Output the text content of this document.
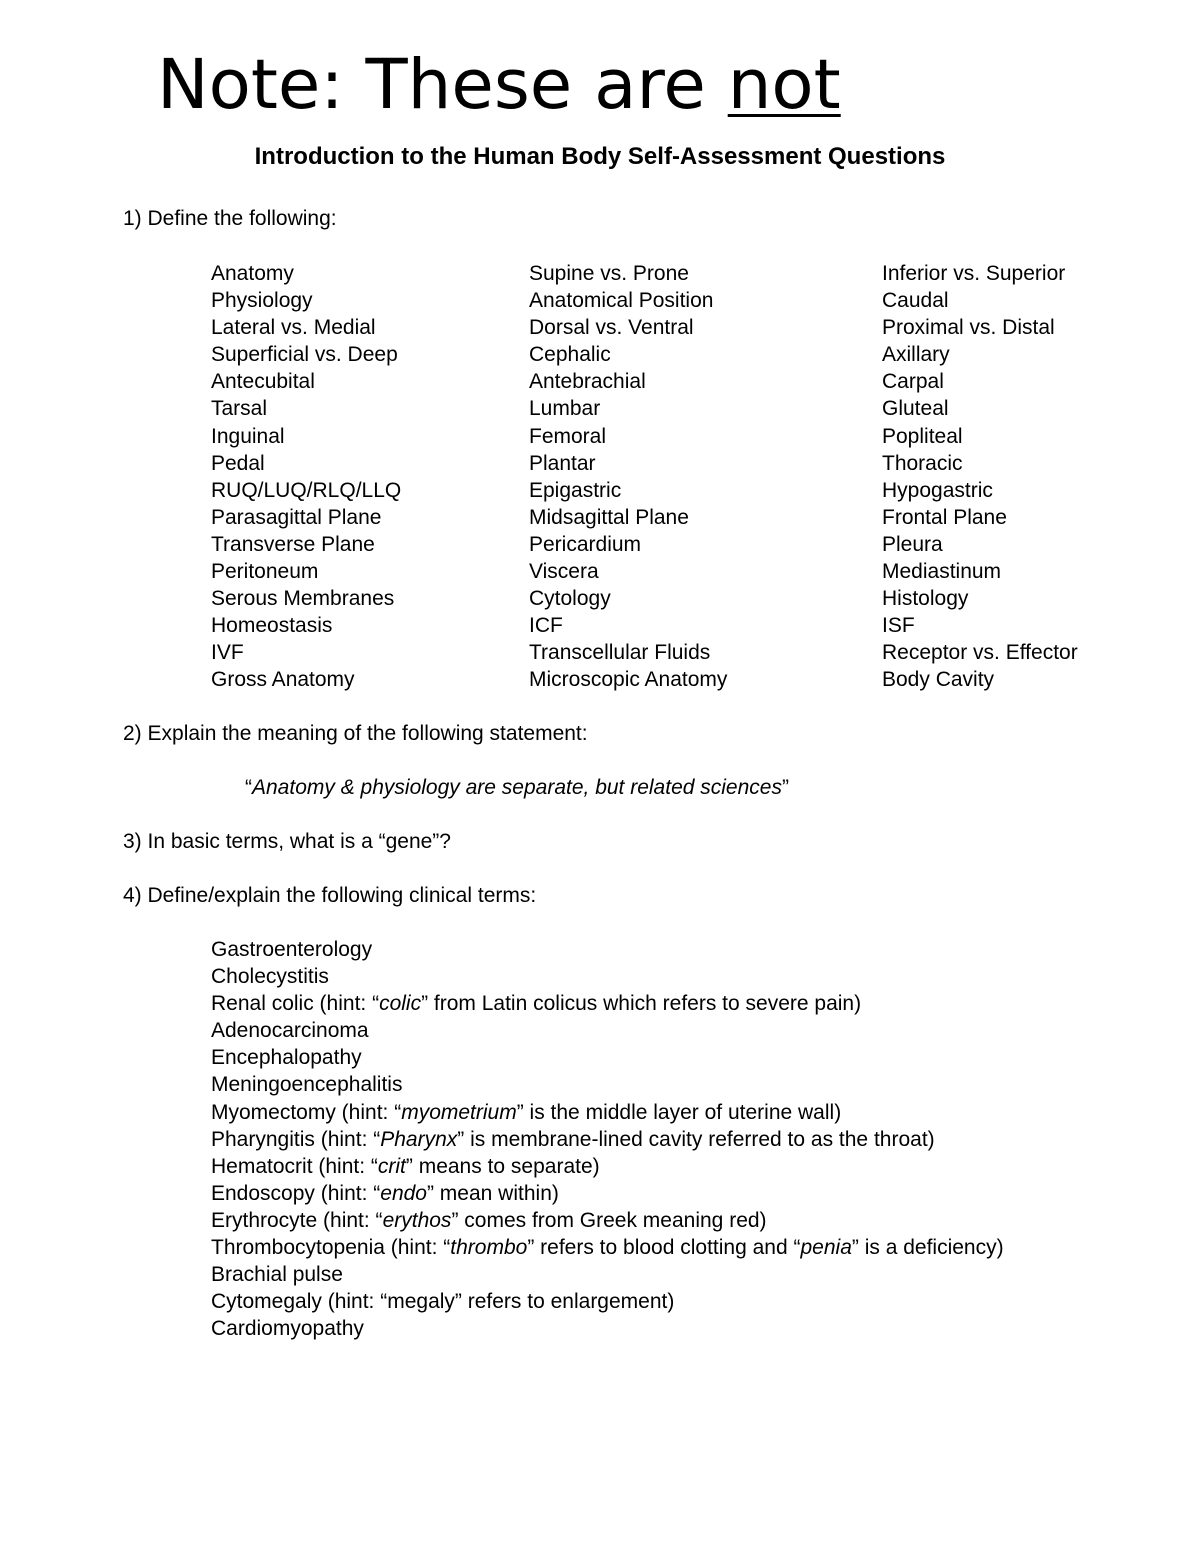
Note: These are not
Introduction to the Human Body Self-Assessment Questions
1) Define the following:
Anatomy
Physiology
Lateral vs. Medial
Superficial vs. Deep
Antecubital
Tarsal
Inguinal
Pedal
RUQ/LUQ/RLQ/LLQ
Parasagittal Plane
Transverse Plane
Peritoneum
Serous Membranes
Homeostasis
IVF
Gross Anatomy
Supine vs. Prone
Anatomical Position
Dorsal vs. Ventral
Cephalic
Antebrachial
Lumbar
Femoral
Plantar
Epigastric
Midsagittal Plane
Pericardium
Viscera
Cytology
ICF
Transcellular Fluids
Microscopic Anatomy
Inferior vs. Superior
Caudal
Proximal vs. Distal
Axillary
Carpal
Gluteal
Popliteal
Thoracic
Hypogastric
Frontal Plane
Pleura
Mediastinum
Histology
ISF
Receptor vs. Effector
Body Cavity
2) Explain the meaning of the following statement:
“Anatomy & physiology are separate, but related sciences”
3) In basic terms, what is a “gene”?
4) Define/explain the following clinical terms:
Gastroenterology
Cholecystitis
Renal colic (hint: “colic” from Latin colicus which refers to severe pain)
Adenocarcinoma
Encephalopathy
Meningoencephalitis
Myomectomy (hint: “myometrium” is the middle layer of uterine wall)
Pharyngitis (hint: “Pharynx” is membrane-lined cavity referred to as the throat)
Hematocrit (hint: “crit” means to separate)
Endoscopy (hint: “endo” mean within)
Erythrocyte (hint: “erythos” comes from Greek meaning red)
Thrombocytopenia (hint: “thrombo” refers to blood clotting and “penia” is a deficiency)
Brachial pulse
Cytomegaly (hint: “megaly” refers to enlargement)
Cardiomyopathy
